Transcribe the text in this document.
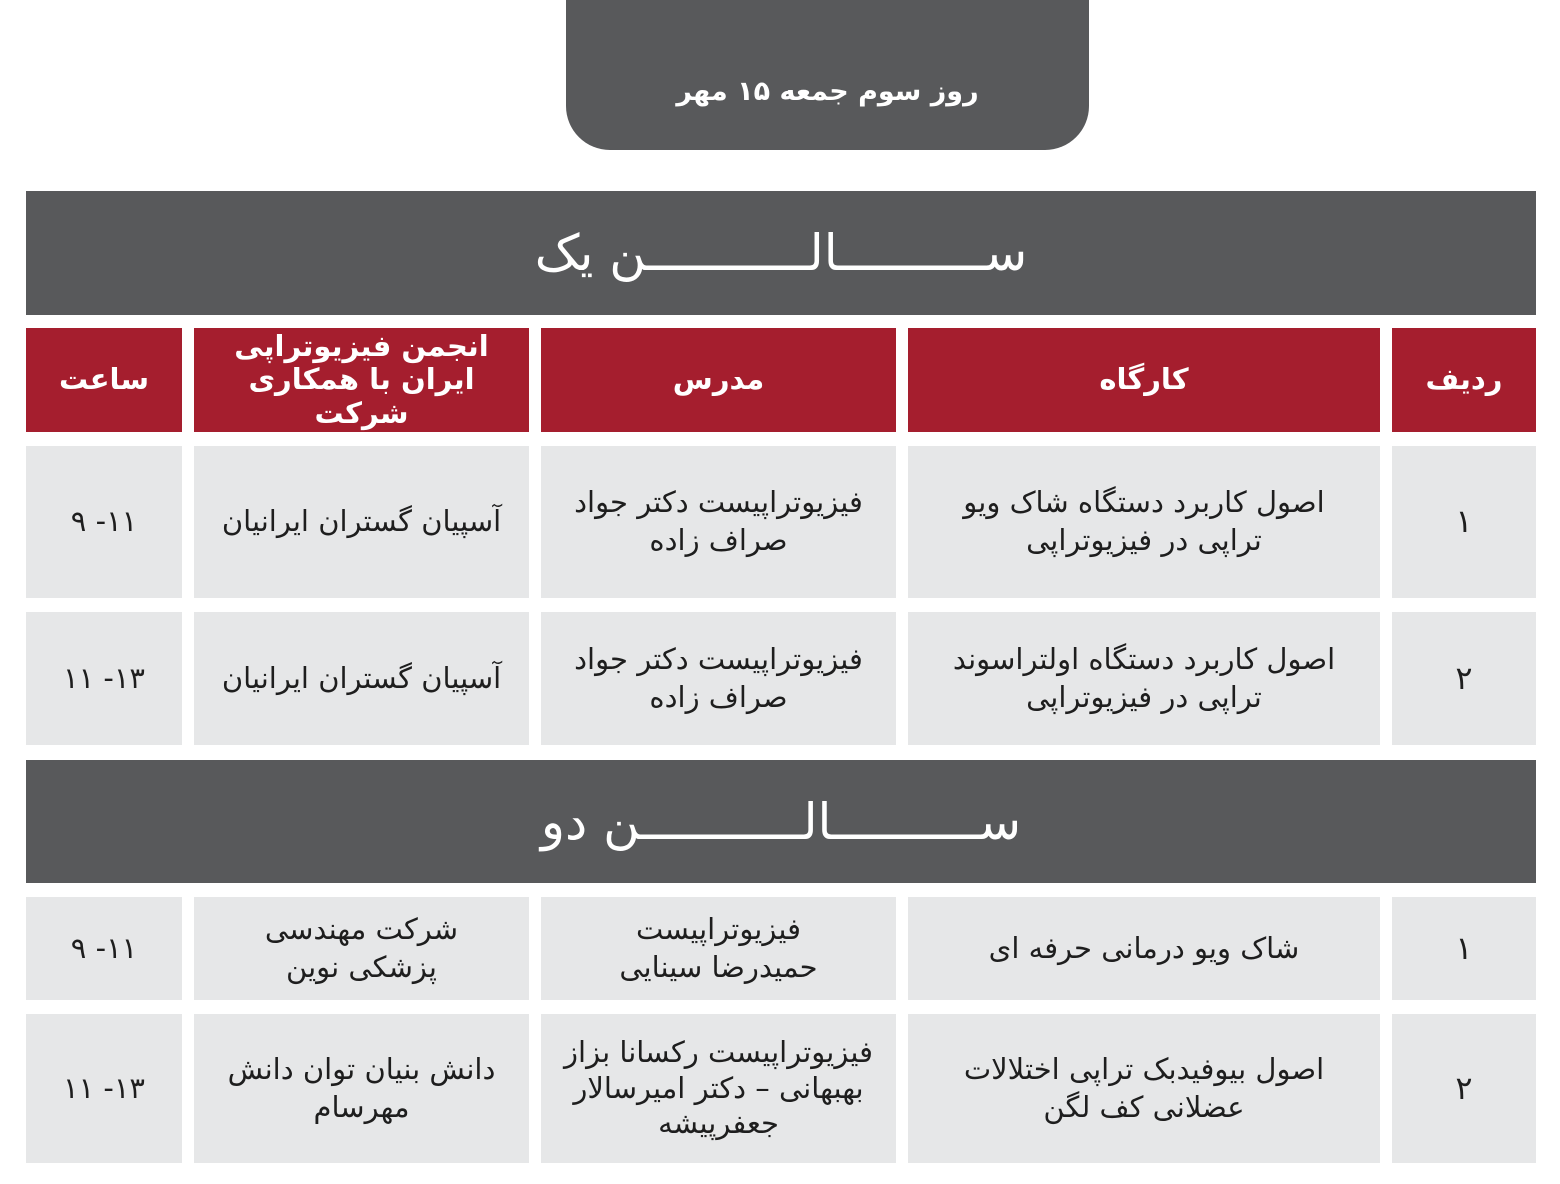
روز سوم جمعه ۱۵ مهر
ســــــــــالـــــــــــن یک
ردیف
کارگاه
مدرس
انجمن فیزیوتراپی ایران با همکاری شرکت
ساعت
۱
اصول کاربرد دستگاه شاک ویو تراپی در فیزیوتراپی
فیزیوتراپیست دکتر جواد صراف زاده
آسپیان گستران ایرانیان
۱۱- ۹
۲
اصول کاربرد دستگاه اولتراسوند تراپی در فیزیوتراپی
فیزیوتراپیست دکتر جواد صراف زاده
آسپیان گستران ایرانیان
۱۳- ۱۱
ســــــــــالـــــــــــن دو
۱
شاک ویو درمانی حرفه ای
فیزیوتراپیست حمیدرضا سینایی
شرکت مهندسی پزشکی نوین
۱۱- ۹
۲
اصول بیوفیدبک تراپی اختلالات عضلانی کف لگن
فیزیوتراپیست رکسانا بزاز بهبهانی – دکتر امیرسالار جعفرپیشه
دانش بنیان توان دانش مهرسام
۱۳- ۱۱
